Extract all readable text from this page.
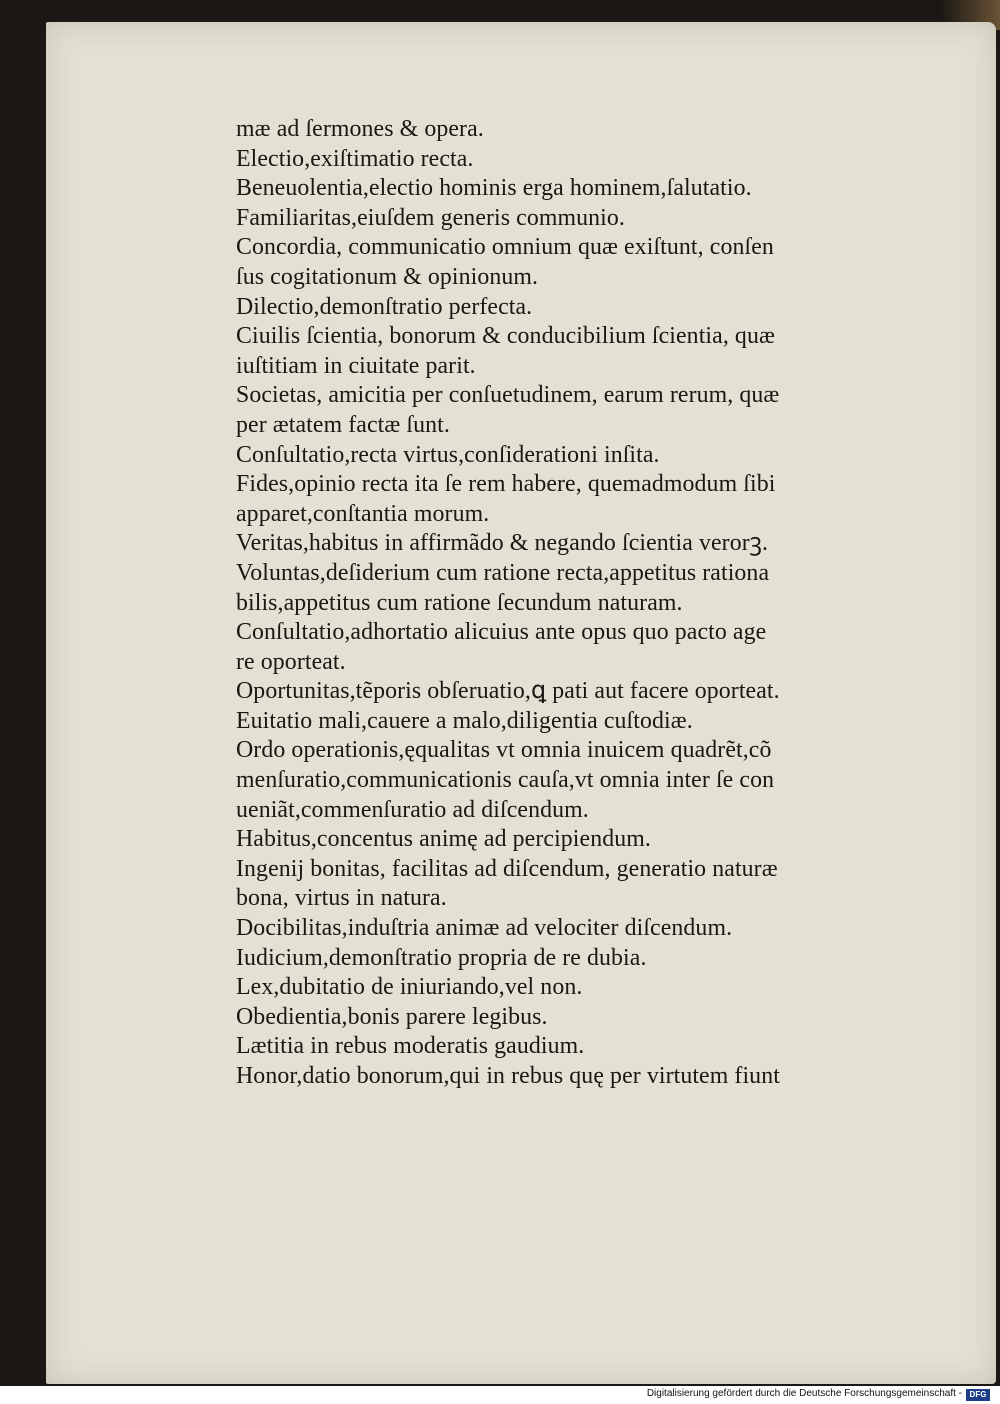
mæ ad ſermones & opera.
Electio,exiſtimatio recta.
Beneuolentia,electio hominis erga hominem,ſalutatio.
Familiaritas,eiuſdem generis communio.
Concordia, communicatio omnium quæ exiſtunt, conſen
ſus cogitationum & opinionum.
Dilectio,demonſtratio perfecta.
Ciuilis ſcientia, bonorum & conducibilium ſcientia, quæ
iuſtitiam in ciuitate parit.
Societas, amicitia per conſuetudinem, earum rerum, quæ
per ætatem factæ ſunt.
Conſultatio,recta virtus,conſiderationi inſita.
Fides,opinio recta ita ſe rem habere, quemadmodum ſibi
apparet,conſtantia morum.
Veritas,habitus in affirmãdo & negando ſcientia verorꝫ.
Voluntas,deſiderium cum ratione recta,appetitus rationa
bilis,appetitus cum ratione ſecundum naturam.
Conſultatio,adhortatio alicuius ante opus quo pacto age
re oporteat.
Oportunitas,tẽporis obſeruatio,ꝗ pati aut facere oporteat.
Euitatio mali,cauere a malo,diligentia cuſtodiæ.
Ordo operationis,ęqualitas vt omnia inuicem quadrẽt,cõ
menſuratio,communicationis cauſa,vt omnia inter ſe con
ueniãt,commenſuratio ad diſcendum.
Habitus,concentus animę ad percipiendum.
Ingenij bonitas, facilitas ad diſcendum, generatio naturæ
bona, virtus in natura.
Docibilitas,induſtria animæ ad velociter diſcendum.
Iudicium,demonſtratio propria de re dubia.
Lex,dubitatio de iniuriando,vel non.
Obedientia,bonis parere legibus.
Lætitia in rebus moderatis gaudium.
Honor,datio bonorum,qui in rebus quę per virtutem fiunt
Digitalisierung gefördert durch die Deutsche Forschungsgemeinschaft - DFG
